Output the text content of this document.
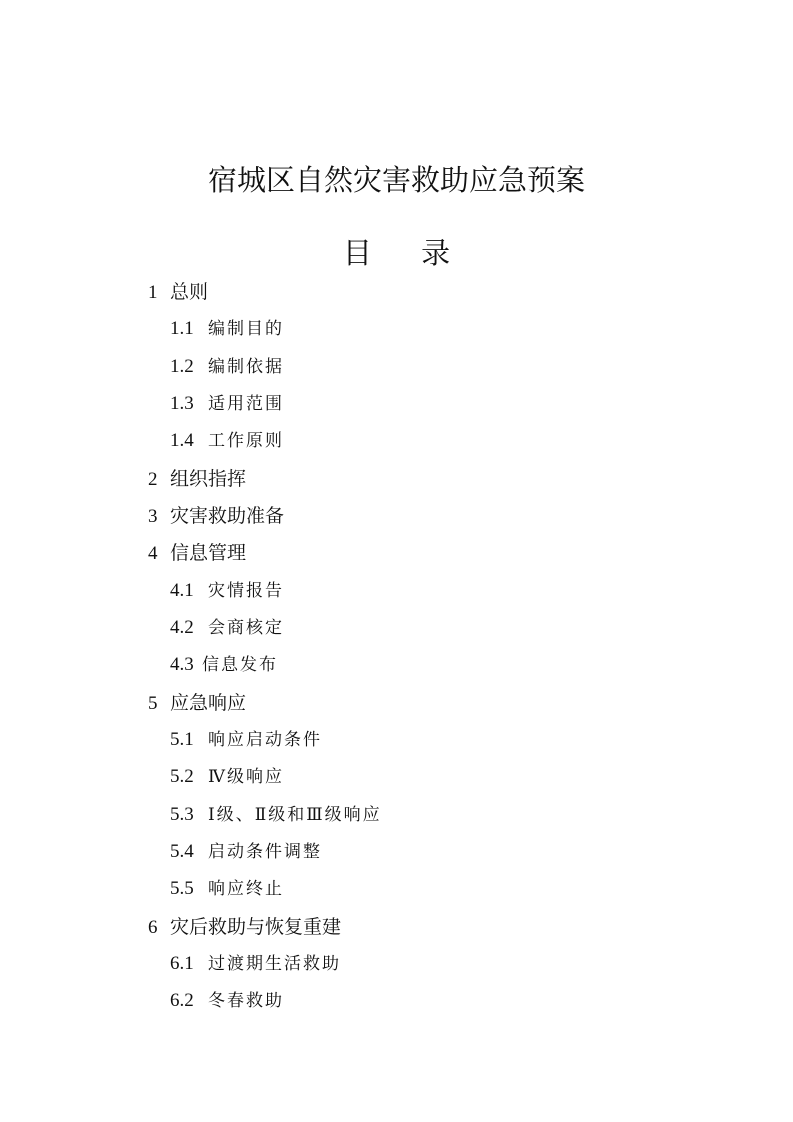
宿城区自然灾害救助应急预案
目 录
1 总则
1.1 编制目的
1.2 编制依据
1.3 适用范围
1.4 工作原则
2 组织指挥
3 灾害救助准备
4 信息管理
4.1 灾情报告
4.2 会商核定
4.3 信息发布
5 应急响应
5.1 响应启动条件
5.2 Ⅳ级响应
5.3 Ⅰ级、Ⅱ级和Ⅲ级响应
5.4 启动条件调整
5.5 响应终止
6 灾后救助与恢复重建
6.1 过渡期生活救助
6.2 冬春救助
